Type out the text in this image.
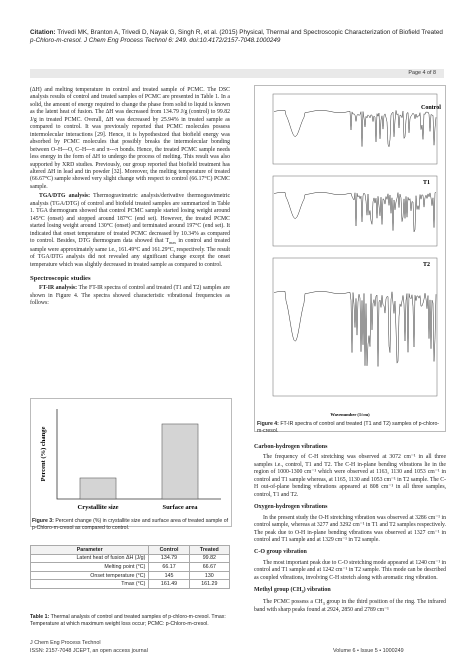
Citation: Trivedi MK, Branton A, Trivedi D, Nayak G, Singh R, et al. (2015) Physical, Thermal and Spectroscopic Characterization of Biofield Treated
p-Chloro-m-cresol. J Chem Eng Process Technol 6: 249. doi:10.4172/2157-7048.1000249
Page 4 of 8

(ΔH) and melting temperature in control and treated sample of PCMC. The DSC analysis results of control and treated samples of PCMC are presented in Table 1. In a solid, the amount of energy required to change the phase from solid to liquid is known as the latent heat of fusion. The ΔH was decreased from 134.79 J/g (control) to 99.82 J/g in treated PCMC. Overall, ΔH was decreased by 25.94% in treated sample as compared to control. It was previously reported that PCMC molecules possess intermolecular interactions [29]. Hence, it is hypothesized that biofield energy was absorbed by PCMC molecules that possibly breaks the intermolecular bonding between O–H---O, C–H---π and π---π bonds. Hence, the treated PCMC sample needs less energy in the form of ΔH to undergo the process of melting. This result was also supported by XRD studies. Previously, our group reported that biofield treatment has altered ΔH in lead and tin powder [32]. Moreover, the melting temperature of treated (66.67°C) sample showed very slight change with respect to control (66.17°C) PCMC sample.

TGA/DTG analysis: Thermogravimetric analysis/derivative thermogravimetric analysis (TGA/DTG) of control and biofield treated samples are summarized in Table 1. TGA thermogram showed that control PCMC sample started losing weight around 145°C (onset) and stopped around 187°C (end set). However, the treated PCMC started losing weight around 130°C (onset) and terminated around 197°C (end set). It indicated that onset temperature of treated PCMC decreased by 10.34% as compared to control. Besides, DTG thermogram data showed that $T_{max}$ in control and treated sample were approximately same i.e., 161.49°C and 161.29°C, respectively. The result of TGA/DTG analysis did not revealed any significant change except the onset temperature which was slightly decreased in treated sample as compared to control.

Spectroscopic studies

FT-IR analysis: The FT-IR spectra of control and treated (T1 and T2) samples are shown in Figure 4. The spectra showed characteristic vibrational frequencies as follows:

Crystallite size	Surface area
Percent (%) change
Figure 3: Percent change (%) in crystallite size and surface area of treated sample of p-Chloro-m-cresol as compared to control.
Parameter	Control	Treated
Latent heat of fusion ΔH (J/g)	134.79	99.82
Melting point (°C)	66.17	66.67
Onset temperature (°C)	145	130
Tmax (°C)	161.49	161.29
Table 1: Thermal analysis of control and treated samples of p-chloro-m-cresol. Tmax: Temperature at which maximum weight loss occur; PCMC: p-Chloro-m-cresol.
Control
T1
T2
Wavenumber (1/cm)
Figure 4: FT-IR spectra of control and treated (T1 and T2) samples of p-chloro-m-cresol.
Carbon-hydrogen vibrations

The frequency of C-H stretching was observed at 3072 cm⁻¹ in all three samples i.e., control, T1 and T2. The C-H in-plane bending vibrations lie in the region of 1000-1300 cm⁻¹ which were observed at 1163, 1130 and 1053 cm⁻¹ in control and T1 sample whereas, at 1165, 1130 and 1053 cm⁻¹ in T2 sample. The C-H out-of-plane bending vibrations appeared at 808 cm⁻¹ in all three samples, control, T1 and T2.

Oxygen-hydrogen vibrations

In the present study the O-H stretching vibration was observed at 3286 cm⁻¹ in control sample, whereas at 3277 and 3292 cm⁻¹ in T1 and T2 samples respectively. The peak due to O-H in-plane bending vibrations was observed at 1327 cm⁻¹ in control and T1 sample and at 1329 cm⁻¹ in T2 sample.

C-O group vibration

The most important peak due to C-O stretching mode appeared at 1240 cm⁻¹ in control and T1 sample and at 1242 cm⁻¹ in T2 sample. This mode can be described as coupled vibrations, involving C-H stretch along with aromatic ring vibration.

Methyl group $(CH_3)$ vibration

The PCMC possess a $CH_3$ group in the third position of the ring. The infrared band with sharp peaks found at 2924, 2850 and 2789 cm⁻¹

J Chem Eng Process Technol
ISSN: 2157-7048 JCEPT, an open access journal	Volume 6 • Issue 5 • 1000249
